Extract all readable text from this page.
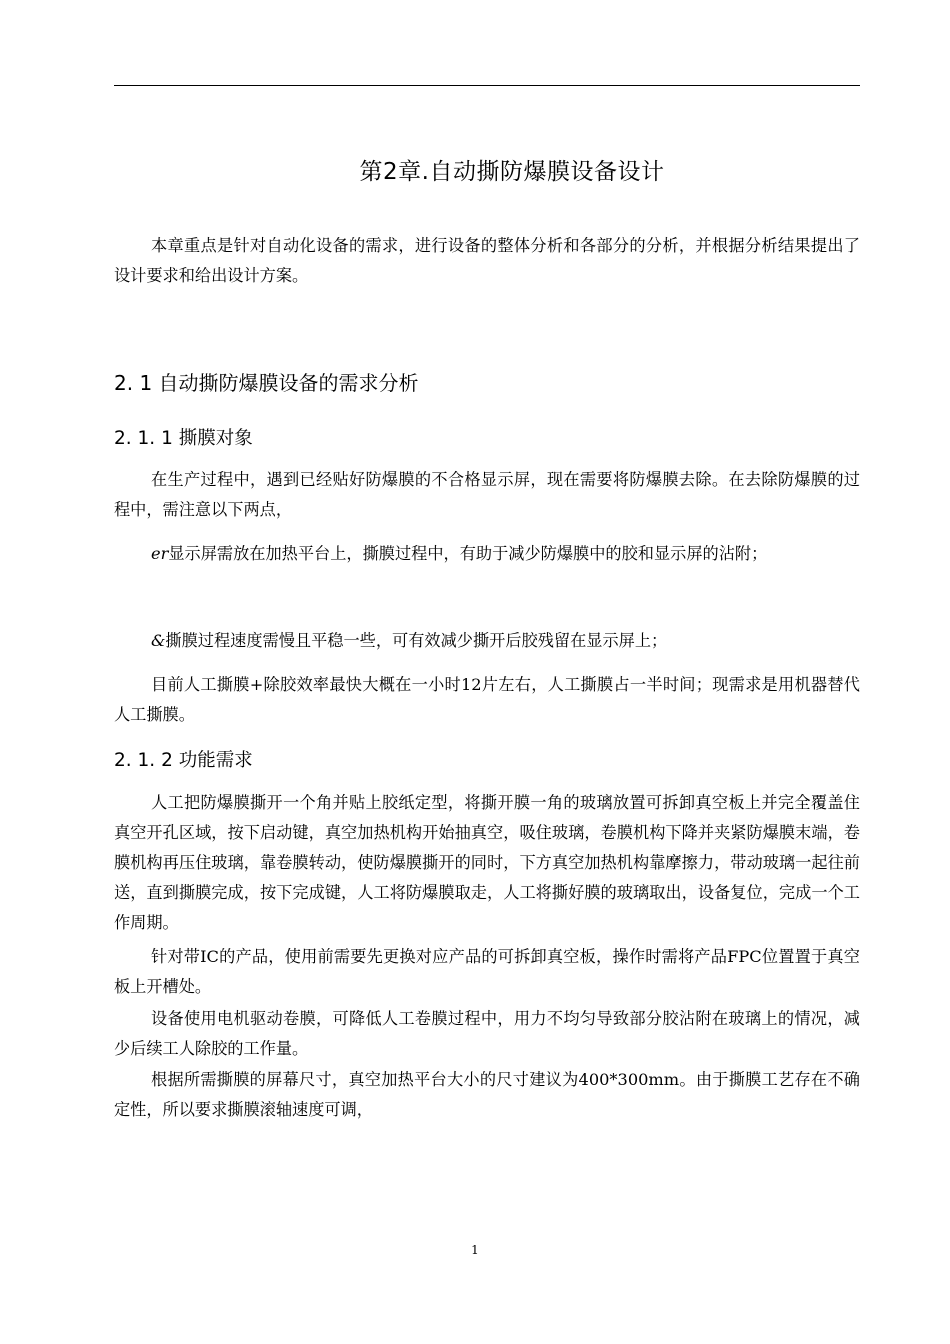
第2章.自动撕防爆膜设备设计
本章重点是针对自动化设备的需求，进行设备的整体分析和各部分的分析，并根据分析结果提出了设计要求和给出设计方案。
2. 1 自动撕防爆膜设备的需求分析
2. 1. 1 撕膜对象
在生产过程中，遇到已经贴好防爆膜的不合格显示屏，现在需要将防爆膜去除。在去除防爆膜的过程中，需注意以下两点，
er显示屏需放在加热平台上，撕膜过程中，有助于减少防爆膜中的胶和显示屏的沾附；
&撕膜过程速度需慢且平稳一些，可有效减少撕开后胶残留在显示屏上；
目前人工撕膜+除胶效率最快大概在一小时12片左右，人工撕膜占一半时间；现需求是用机器替代人工撕膜。
2. 1. 2 功能需求
人工把防爆膜撕开一个角并贴上胶纸定型，将撕开膜一角的玻璃放置可拆卸真空板上并完全覆盖住真空开孔区域，按下启动键，真空加热机构开始抽真空，吸住玻璃，卷膜机构下降并夹紧防爆膜末端，卷膜机构再压住玻璃，靠卷膜转动，使防爆膜撕开的同时，下方真空加热机构靠摩擦力，带动玻璃一起往前送，直到撕膜完成，按下完成键，人工将防爆膜取走，人工将撕好膜的玻璃取出，设备复位，完成一个工作周期。
针对带IC的产品，使用前需要先更换对应产品的可拆卸真空板，操作时需将产品FPC位置置于真空板上开槽处。
设备使用电机驱动卷膜，可降低人工卷膜过程中，用力不均匀导致部分胶沾附在玻璃上的情况，减少后续工人除胶的工作量。
根据所需撕膜的屏幕尺寸，真空加热平台大小的尺寸建议为400*300mm。由于撕膜工艺存在不确定性，所以要求撕膜滚轴速度可调，
1
